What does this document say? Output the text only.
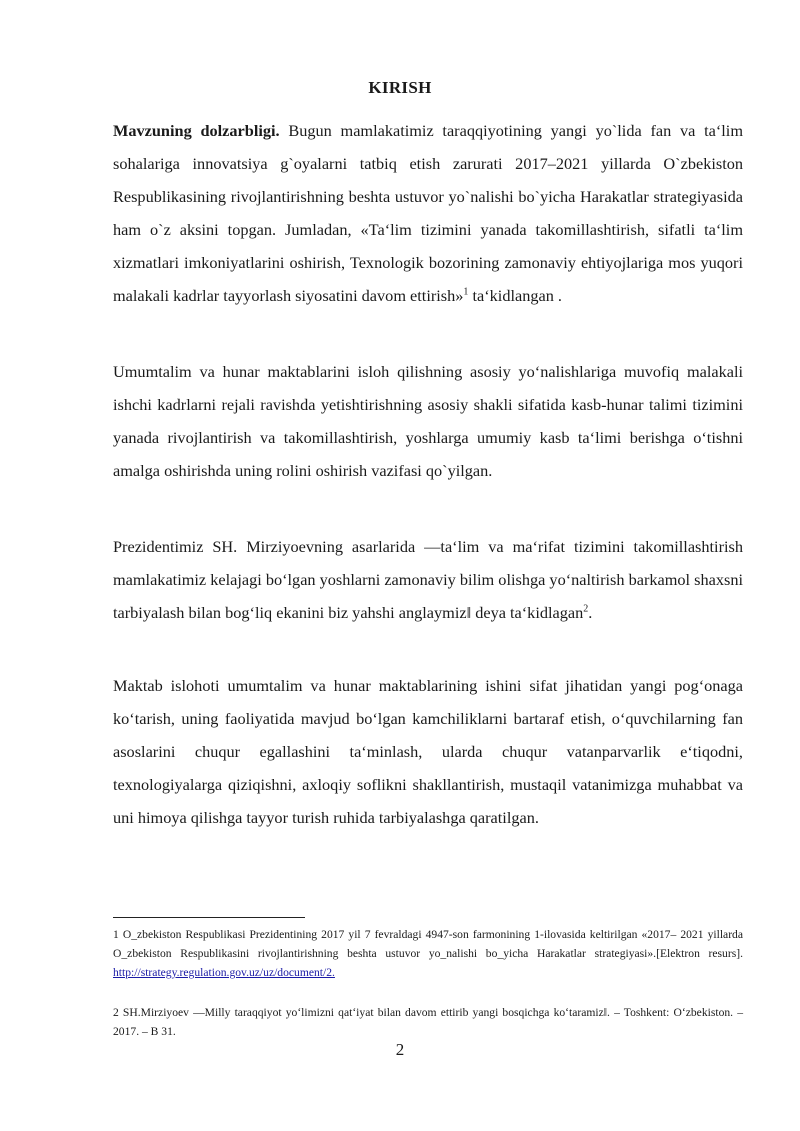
KIRISH

Mavzuning dolzarbligi. Bugun mamlakatimiz taraqqiyotining yangi yo`lida fan va ta‘lim sohalariga innovatsiya g`oyalarni tatbiq etish zarurati 2017–2021 yillarda O`zbekiston Respublikasining rivojlantirishning beshta ustuvor yo`nalishi bo`yicha Harakatlar strategiyasida ham o`z aksini topgan. Jumladan, «Ta‘lim tizimini yanada takomillashtirish, sifatli ta‘lim xizmatlari imkoniyatlarini oshirish, Texnologik bozorining zamonaviy ehtiyojlariga mos yuqori malakali kadrlar tayyorlash siyosatini davom ettirish»$^1$ ta‘kidlangan .

Umumtalim va hunar maktablarini isloh qilishning asosiy yo‘nalishlariga muvofiq malakali ishchi kadrlarni rejali ravishda yetishtirishning asosiy shakli sifatida kasb-hunar talimi tizimini yanada rivojlantirish va takomillashtirish, yoshlarga umumiy kasb ta‘limi berishga o‘tishni amalga oshirishda uning rolini oshirish vazifasi qo`yilgan.

Prezidentimiz SH. Mirziyoevning asarlarida ―ta‘lim va ma‘rifat tizimini takomillashtirish mamlakatimiz kelajagi bo‘lgan yoshlarni zamonaviy bilim olishga yo‘naltirish barkamol shaxsni tarbiyalash bilan bog‘liq ekanini biz yahshi anglaymiz‖ deya ta‘kidlagan$^2$.

Maktab islohoti umumtalim va hunar maktablarining ishini sifat jihatidan yangi pog‘onaga ko‘tarish, uning faoliyatida mavjud bo‘lgan kamchiliklarni bartaraf etish, o‘quvchilarning fan asoslarini chuqur egallashini ta‘minlash, ularda chuqur vatanparvarlik e‘tiqodni, texnologiyalarga qiziqishni, axloqiy soflikni shakllantirish, mustaqil vatanimizga muhabbat va uni himoya qilishga tayyor turish ruhida tarbiyalashga qaratilgan.

1 O_zbekiston Respublikasi Prezidentining 2017 yil 7 fevraldagi 4947-son farmonining 1-ilovasida keltirilgan «2017– 2021 yillarda O_zbekiston Respublikasini rivojlantirishning beshta ustuvor yo_nalishi bo_yicha Harakatlar strategiyasi».[Elektron resurs]. http://strategy.regulation.gov.uz/uz/document/2.

2 SH.Mirziyoev ―Milly taraqqiyot yo‘limizni qat‘iyat bilan davom ettirib yangi bosqichga ko‘taramiz‖. – Toshkent: O‘zbekiston. – 2017. – B 31.

2
